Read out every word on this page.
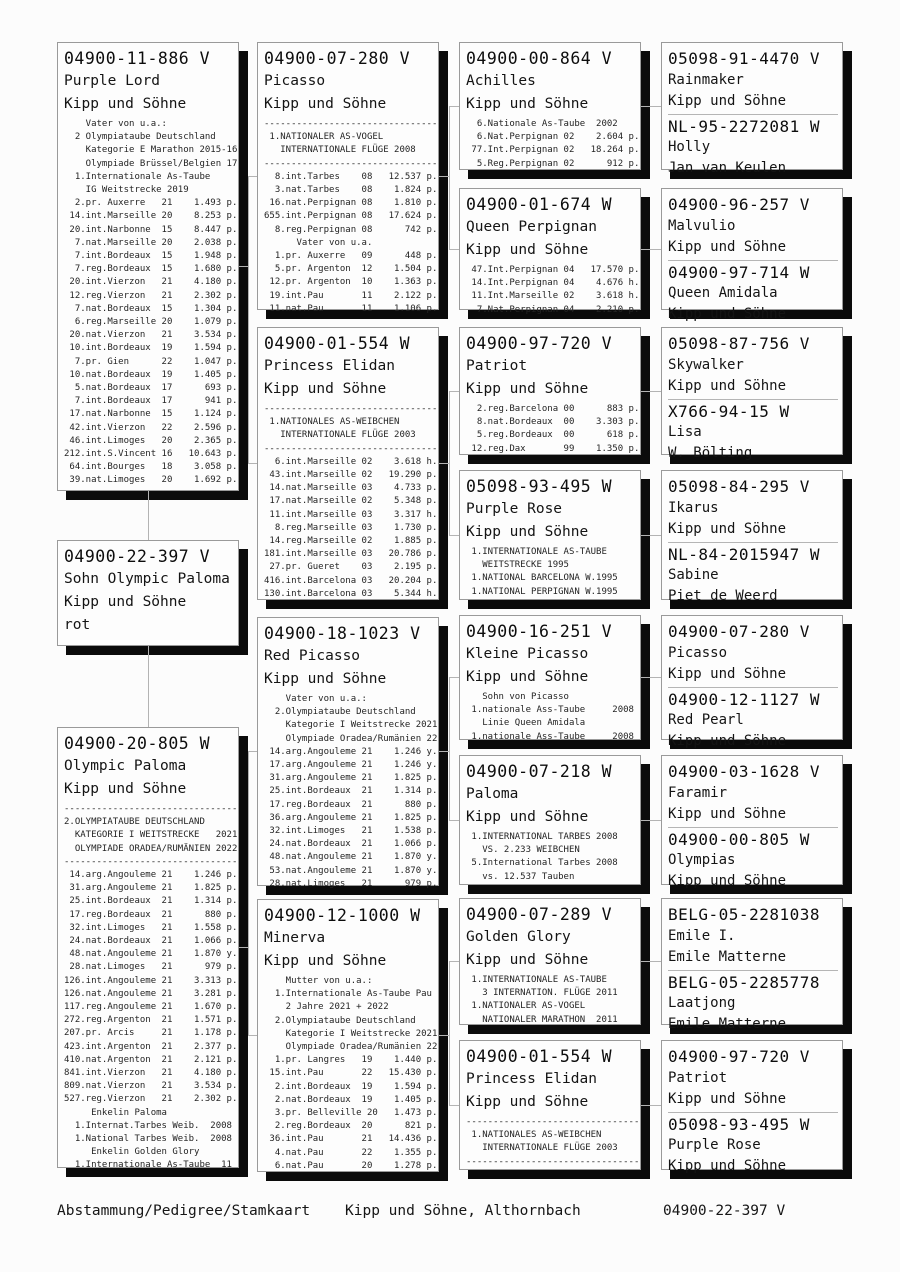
04900-11-886 V
Purple Lord
Kipp und Söhne
Vater von u.a.:
2 Olympiataube Deutschland
Kategorie E Marathon 2015-16
Olympiade Brüssel/Belgien 17
1.Internationale As-Taube
IG Weitstrecke 2019
2.pr. Auxerre   21    1.493 p.
14.int.Marseille 20    8.253 p.
20.int.Narbonne  15    8.447 p.
7.nat.Marseille 20    2.038 p.
7.int.Bordeaux  15    1.948 p.
7.reg.Bordeaux  15    1.680 p.
20.int.Vierzon   21    4.180 p.
12.reg.Vierzon   21    2.302 p.
7.nat.Bordeaux  15    1.304 p.
6.reg.Marseille 20    1.079 p.
20.nat.Vierzon   21    3.534 p.
10.int.Bordeaux  19    1.594 p.
7.pr. Gien      22    1.047 p.
10.nat.Bordeaux  19    1.405 p.
5.nat.Bordeaux  17      693 p.
7.int.Bordeaux  17      941 p.
17.nat.Narbonne  15    1.124 p.
42.int.Vierzon   22    2.596 p.
46.int.Limoges   20    2.365 p.
212.int.S.Vincent 16   10.643 p.
64.int.Bourges   18    3.058 p.
39.nat.Limoges   20    1.692 p.
04900-22-397 V
Sohn Olympic Paloma
Kipp und Söhne
rot
04900-20-805 W
Olympic Paloma
Kipp und Söhne
--------------------------------
2.OLYMPIATAUBE DEUTSCHLAND
KATEGORIE I WEITSTRECKE   2021
OLYMPIADE ORADEA/RUMÄNIEN 2022
--------------------------------
14.arg.Angouleme 21    1.246 p.
31.arg.Angouleme 21    1.825 p.
25.int.Bordeaux  21    1.314 p.
17.reg.Bordeaux  21      880 p.
32.int.Limoges   21    1.558 p.
24.nat.Bordeaux  21    1.066 p.
48.nat.Angouleme 21    1.870 y.
28.nat.Limoges   21      979 p.
126.int.Angouleme 21    3.313 p.
126.nat.Angouleme 21    3.281 p.
117.reg.Angouleme 21    1.670 p.
272.reg.Argenton  21    1.571 p.
207.pr. Arcis     21    1.178 p.
423.int.Argenton  21    2.377 p.
410.nat.Argenton  21    2.121 p.
841.int.Vierzon   21    4.180 p.
809.nat.Vierzon   21    3.534 p.
527.reg.Vierzon   21    2.302 p.
Enkelin Paloma
1.Internat.Tarbes Weib.  2008
1.National Tarbes Weib.  2008
Enkelin Golden Glory
1.Internationale As-Taube  11
04900-07-280 V
Picasso
Kipp und Söhne
--------------------------------
1.NATIONALER AS-VOGEL
INTERNATIONALE FLÜGE 2008
--------------------------------
8.int.Tarbes    08   12.537 p.
3.nat.Tarbes    08    1.824 p.
16.nat.Perpignan 08    1.810 p.
655.int.Perpignan 08   17.624 p.
8.reg.Perpignan 08      742 p.
Vater von u.a.
1.pr. Auxerre   09      448 p.
5.pr. Argenton  12    1.504 p.
12.pr. Argenton  10    1.363 p.
19.int.Pau       11    2.122 p.
11.nat.Pau       11    1.106 p.
04900-01-554 W
Princess Elidan
Kipp und Söhne
--------------------------------
1.NATIONALES AS-WEIBCHEN
INTERNATIONALE FLÜGE 2003
--------------------------------
6.int.Marseille 02    3.618 h.
43.int.Marseille 02   19.290 p.
14.nat.Marseille 03    4.733 p.
17.nat.Marseille 02    5.348 p.
11.int.Marseille 03    3.317 h.
8.reg.Marseille 03    1.730 p.
14.reg.Marseille 02    1.885 p.
181.int.Marseille 03   20.786 p.
27.pr. Gueret    03    2.195 p.
416.int.Barcelona 03   20.204 p.
130.int.Barcelona 03    5.344 h.
04900-18-1023 V
Red Picasso
Kipp und Söhne
Vater von u.a.:
2.Olympiataube Deutschland
Kategorie I Weitstrecke 2021
Olympiade Oradea/Rumänien 22
14.arg.Angouleme 21    1.246 y.
17.arg.Angouleme 21    1.246 y.
31.arg.Angouleme 21    1.825 p.
25.int.Bordeaux  21    1.314 p.
17.reg.Bordeaux  21      880 p.
36.arg.Angouleme 21    1.825 p.
32.int.Limoges   21    1.538 p.
24.nat.Bordeaux  21    1.066 p.
48.nat.Angouleme 21    1.870 y.
53.nat.Angouleme 21    1.870 y.
28.nat.Limoges   21      979 p.
04900-12-1000 W
Minerva
Kipp und Söhne
Mutter von u.a.:
1.Internationale As-Taube Pau
2 Jahre 2021 + 2022
2.Olympiataube Deutschland
Kategorie I Weitstrecke 2021
Olympiade Oradea/Rumänien 22
1.pr. Langres   19    1.440 p.
15.int.Pau       22   15.430 p.
2.int.Bordeaux  19    1.594 p.
2.nat.Bordeaux  19    1.405 p.
3.pr. Belleville 20   1.473 p.
2.reg.Bordeaux  20      821 p.
36.int.Pau       21   14.436 p.
4.nat.Pau       22    1.355 p.
6.nat.Pau       20    1.278 p.
04900-00-864 V
Achilles
Kipp und Söhne
6.Nationale As-Taube  2002
6.Nat.Perpignan 02    2.604 p.
77.Int.Perpignan 02   18.264 p.
5.Reg.Perpignan 02      912 p.
04900-01-674 W
Queen Perpignan
Kipp und Söhne
47.Int.Perpignan 04   17.570 p.
14.Int.Perpignan 04    4.676 h.
11.Int.Marseille 02    3.618 h.
7.Nat.Perpignan 04    2.210 p.
04900-97-720 V
Patriot
Kipp und Söhne
2.reg.Barcelona 00      883 p.
8.nat.Bordeaux  00    3.303 p.
5.reg.Bordeaux  00      618 p.
12.reg.Dax       99    1.350 p.
05098-93-495 W
Purple Rose
Kipp und Söhne
1.INTERNATIONALE AS-TAUBE
WEITSTRECKE 1995
1.NATIONAL BARCELONA W.1995
1.NATIONAL PERPIGNAN W.1995
04900-16-251 V
Kleine Picasso
Kipp und Söhne
Sohn von Picasso
1.nationale Ass-Taube     2008
Linie Queen Amidala
1.nationale Ass-Taube     2008
04900-07-218 W
Paloma
Kipp und Söhne
1.INTERNATIONAL TARBES 2008
VS. 2.233 WEIBCHEN
5.International Tarbes 2008
vs. 12.537 Tauben
04900-07-289 V
Golden Glory
Kipp und Söhne
1.INTERNATIONALE AS-TAUBE
3 INTERNATION. FLÜGE 2011
1.NATIONALER AS-VOGEL
NATIONALER MARATHON  2011
04900-01-554 W
Princess Elidan
Kipp und Söhne
--------------------------------
1.NATIONALES AS-WEIBCHEN
INTERNATIONALE FLÜGE 2003
--------------------------------
05098-91-4470 V
Rainmaker
Kipp und Söhne
NL-95-2272081 W
Holly
Jan van Keulen
04900-96-257 V
Malvulio
Kipp und Söhne
04900-97-714 W
Queen Amidala
Kipp und Söhne
05098-87-756 V
Skywalker
Kipp und Söhne
X766-94-15 W
Lisa
W. Bölting
05098-84-295 V
Ikarus
Kipp und Söhne
NL-84-2015947 W
Sabine
Piet de Weerd
04900-07-280 V
Picasso
Kipp und Söhne
04900-12-1127 W
Red Pearl
Kipp und Söhne
04900-03-1628 V
Faramir
Kipp und Söhne
04900-00-805 W
Olympias
Kipp und Söhne
BELG-05-2281038
Emile I.
Emile Matterne
BELG-05-2285778
Laatjong
Emile Matterne
04900-97-720 V
Patriot
Kipp und Söhne
05098-93-495 W
Purple Rose
Kipp und Söhne
Abstammung/Pedigree/Stamkaart Kipp und Söhne, Althornbach	04900-22-397 V
